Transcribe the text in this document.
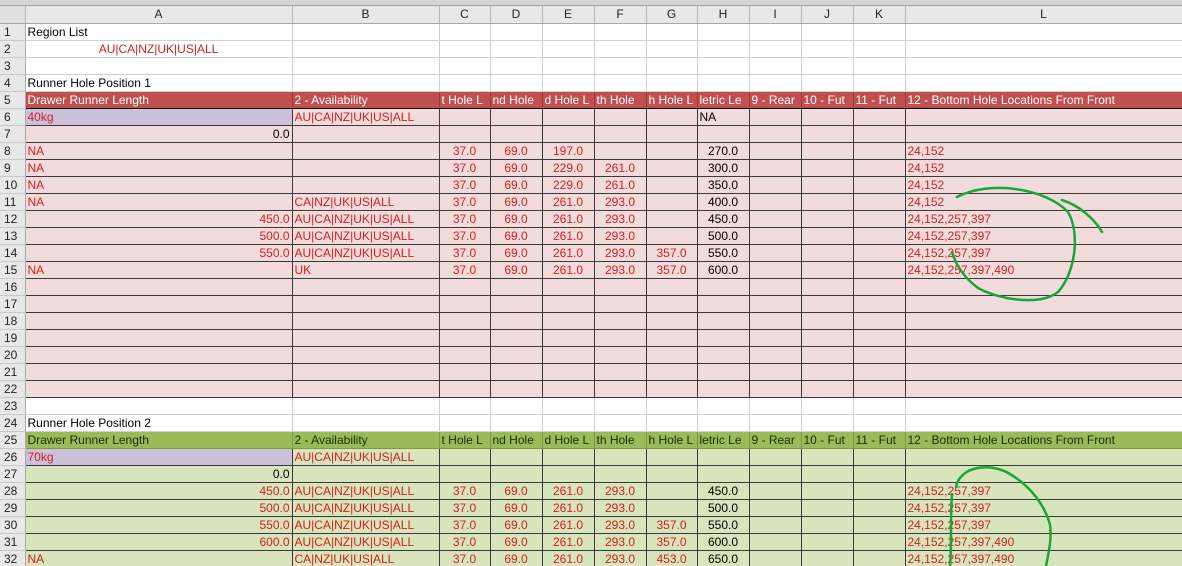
	A	B	C	D	E	F	G	H	I	J	K	L
1	Region List											
2	AU|CA|NZ|UK|US|ALL											
3												
4	Runner Hole Position 1											
5	Drawer Runner Length	2 - Availability	t Hole L	nd Hole	d Hole L	th Hole	h Hole L	letric Le	9 - Rear	10 - Fut	11 - Fut	12 - Bottom Hole Locations From Front
6	40kg	AU|CA|NZ|UK|US|ALL						NA				
7	0.0											
8	NA		37.0	69.0	197.0			270.0				24,152
9	NA		37.0	69.0	229.0	261.0		300.0				24,152
10	NA		37.0	69.0	229.0	261.0		350.0				24,152
11	NA	CA|NZ|UK|US|ALL	37.0	69.0	261.0	293.0		400.0				24,152
12	450.0	AU|CA|NZ|UK|US|ALL	37.0	69.0	261.0	293.0		450.0				24,152,257,397
13	500.0	AU|CA|NZ|UK|US|ALL	37.0	69.0	261.0	293.0		500.0				24,152,257,397
14	550.0	AU|CA|NZ|UK|US|ALL	37.0	69.0	261.0	293.0	357.0	550.0				24,152,257,397
15	NA	UK	37.0	69.0	261.0	293.0	357.0	600.0				24,152,257,397,490
16												
17												
18												
19												
20												
21												
22												
23												
24	Runner Hole Position 2											
25	Drawer Runner Length	2 - Availability	t Hole L	nd Hole	d Hole L	th Hole	h Hole L	letric Le	9 - Rear	10 - Fut	11 - Fut	12 - Bottom Hole Locations From Front
26	70kg	AU|CA|NZ|UK|US|ALL										
27	0.0											
28	450.0	AU|CA|NZ|UK|US|ALL	37.0	69.0	261.0	293.0		450.0				24,152,257,397
29	500.0	AU|CA|NZ|UK|US|ALL	37.0	69.0	261.0	293.0		500.0				24,152,257,397
30	550.0	AU|CA|NZ|UK|US|ALL	37.0	69.0	261.0	293.0	357.0	550.0				24,152,257,397
31	600.0	AU|CA|NZ|UK|US|ALL	37.0	69.0	261.0	293.0	357.0	600.0				24,152,257,397,490
32	NA	CA|NZ|UK|US|ALL	37.0	69.0	261.0	293.0	453.0	650.0				24,152,257,397,490
